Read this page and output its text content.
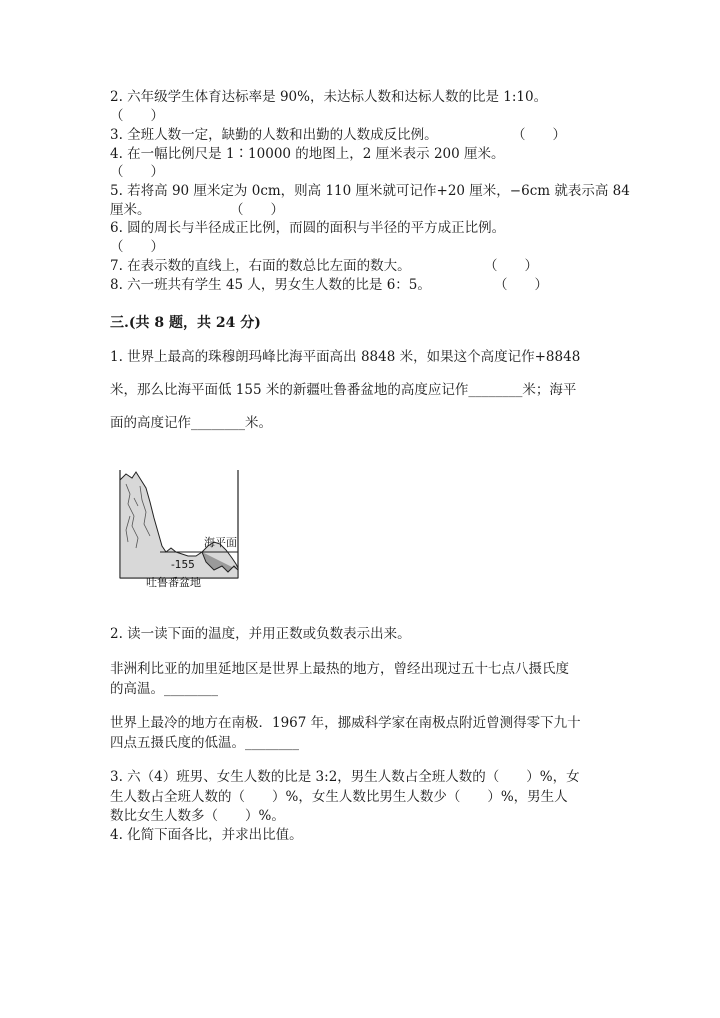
2. 六年级学生体育达标率是 90%，未达标人数和达标人数的比是 1:10。
（　　）
3. 全班人数一定，缺勤的人数和出勤的人数成反比例。	（　　）
4. 在一幅比例尺是 1∶10000 的地图上，2 厘米表示 200 厘米。
（　　）
5. 若将高 90 厘米定为 0cm，则高 110 厘米就可记作+20 厘米，−6cm 就表示高 84
厘米。	（　　）
6. 圆的周长与半径成正比例，而圆的面积与半径的平方成正比例。
（　　）
7. 在表示数的直线上，右面的数总比左面的数大。	（　　）
8. 六一班共有学生 45 人，男女生人数的比是 6：5。	（　　）
三.(共 8 题，共 24 分)
1. 世界上最高的珠穆朗玛峰比海平面高出 8848 米，如果这个高度记作+8848
米，那么比海平面低 155 米的新疆吐鲁番盆地的高度应记作________米；海平
面的高度记作________米。
海平面
-155
吐鲁番盆地
2. 读一读下面的温度，并用正数或负数表示出来。
非洲利比亚的加里延地区是世界上最热的地方，曾经出现过五十七点八摄氏度
的高温。________
世界上最冷的地方在南极．1967 年，挪威科学家在南极点附近曾测得零下九十
四点五摄氏度的低温。________
3. 六（4）班男、女生人数的比是 3:2，男生人数占全班人数的（　　）%，女
生人数占全班人数的（　　）%，女生人数比男生人数少（　　）%，男生人
数比女生人数多（　　）%。
4. 化简下面各比，并求出比值。
